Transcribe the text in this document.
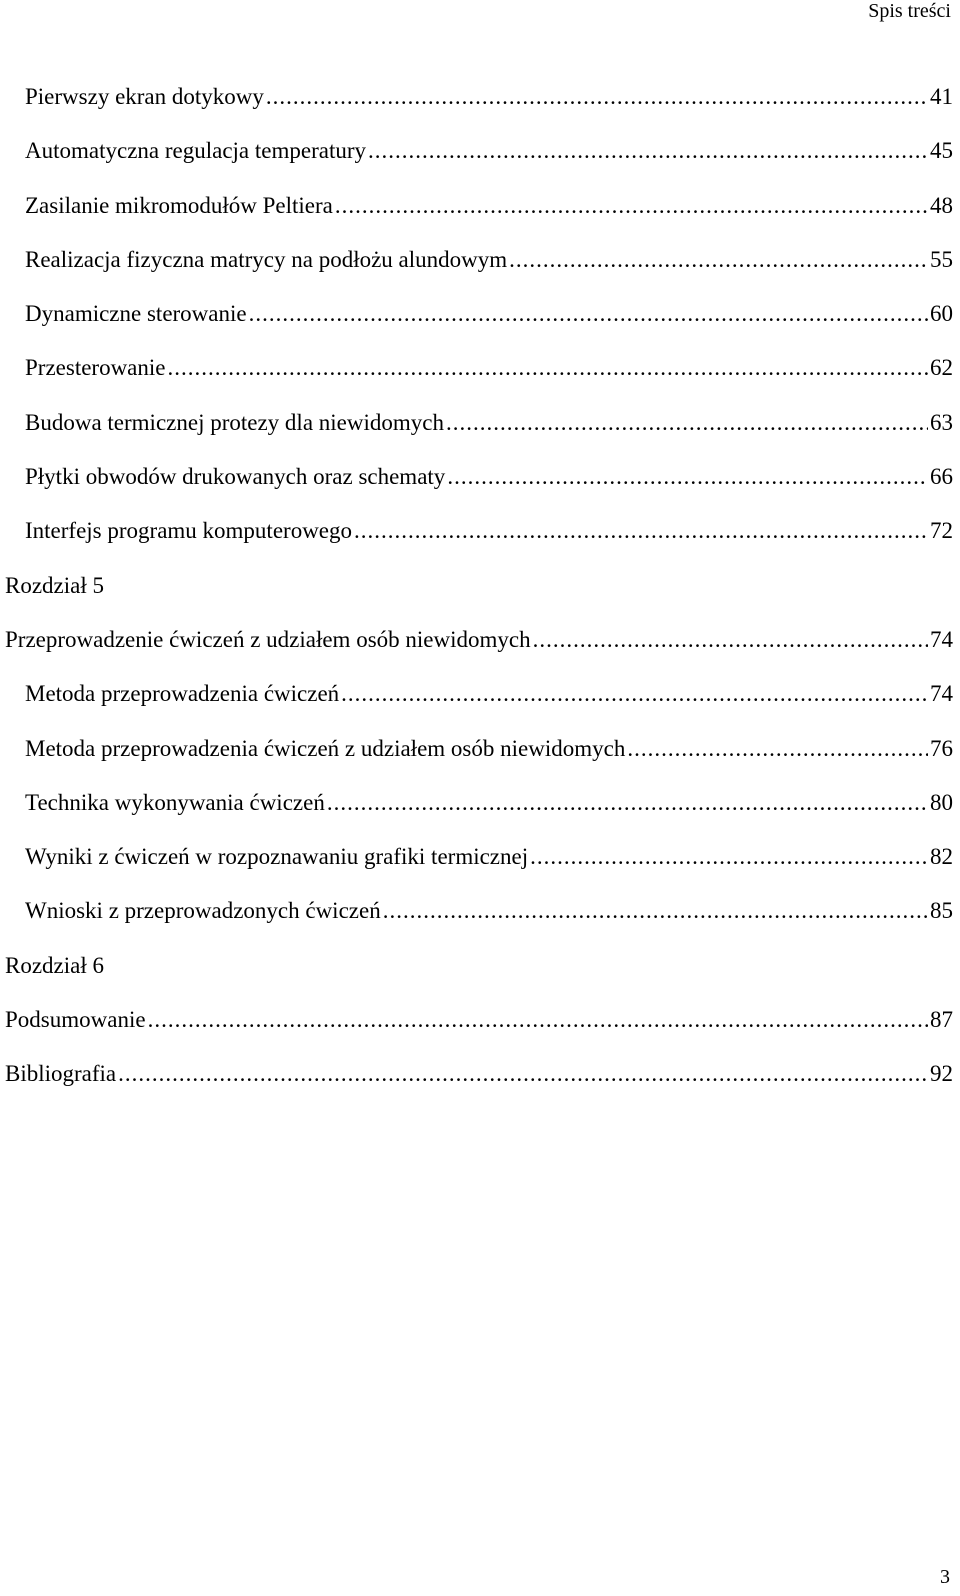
Spis treści
Pierwszy ekran dotykowy .....	41
Automatyczna regulacja temperatury .....	45
Zasilanie mikromodułów Peltiera .....	48
Realizacja fizyczna matrycy na podłożu alundowym .....	55
Dynamiczne sterowanie .....	60
Przesterowanie .....	62
Budowa termicznej protezy dla niewidomych .....	63
Płytki obwodów drukowanych oraz schematy .....	66
Interfejs programu komputerowego .....	72
Rozdział 5
Przeprowadzenie ćwiczeń z udziałem osób niewidomych .....	74
Metoda przeprowadzenia ćwiczeń .....	74
Metoda przeprowadzenia ćwiczeń z udziałem osób niewidomych .....	76
Technika wykonywania ćwiczeń .....	80
Wyniki z ćwiczeń w rozpoznawaniu grafiki termicznej .....	82
Wnioski z przeprowadzonych ćwiczeń .....	85
Rozdział 6
Podsumowanie .....	87
Bibliografia .....	92
3
